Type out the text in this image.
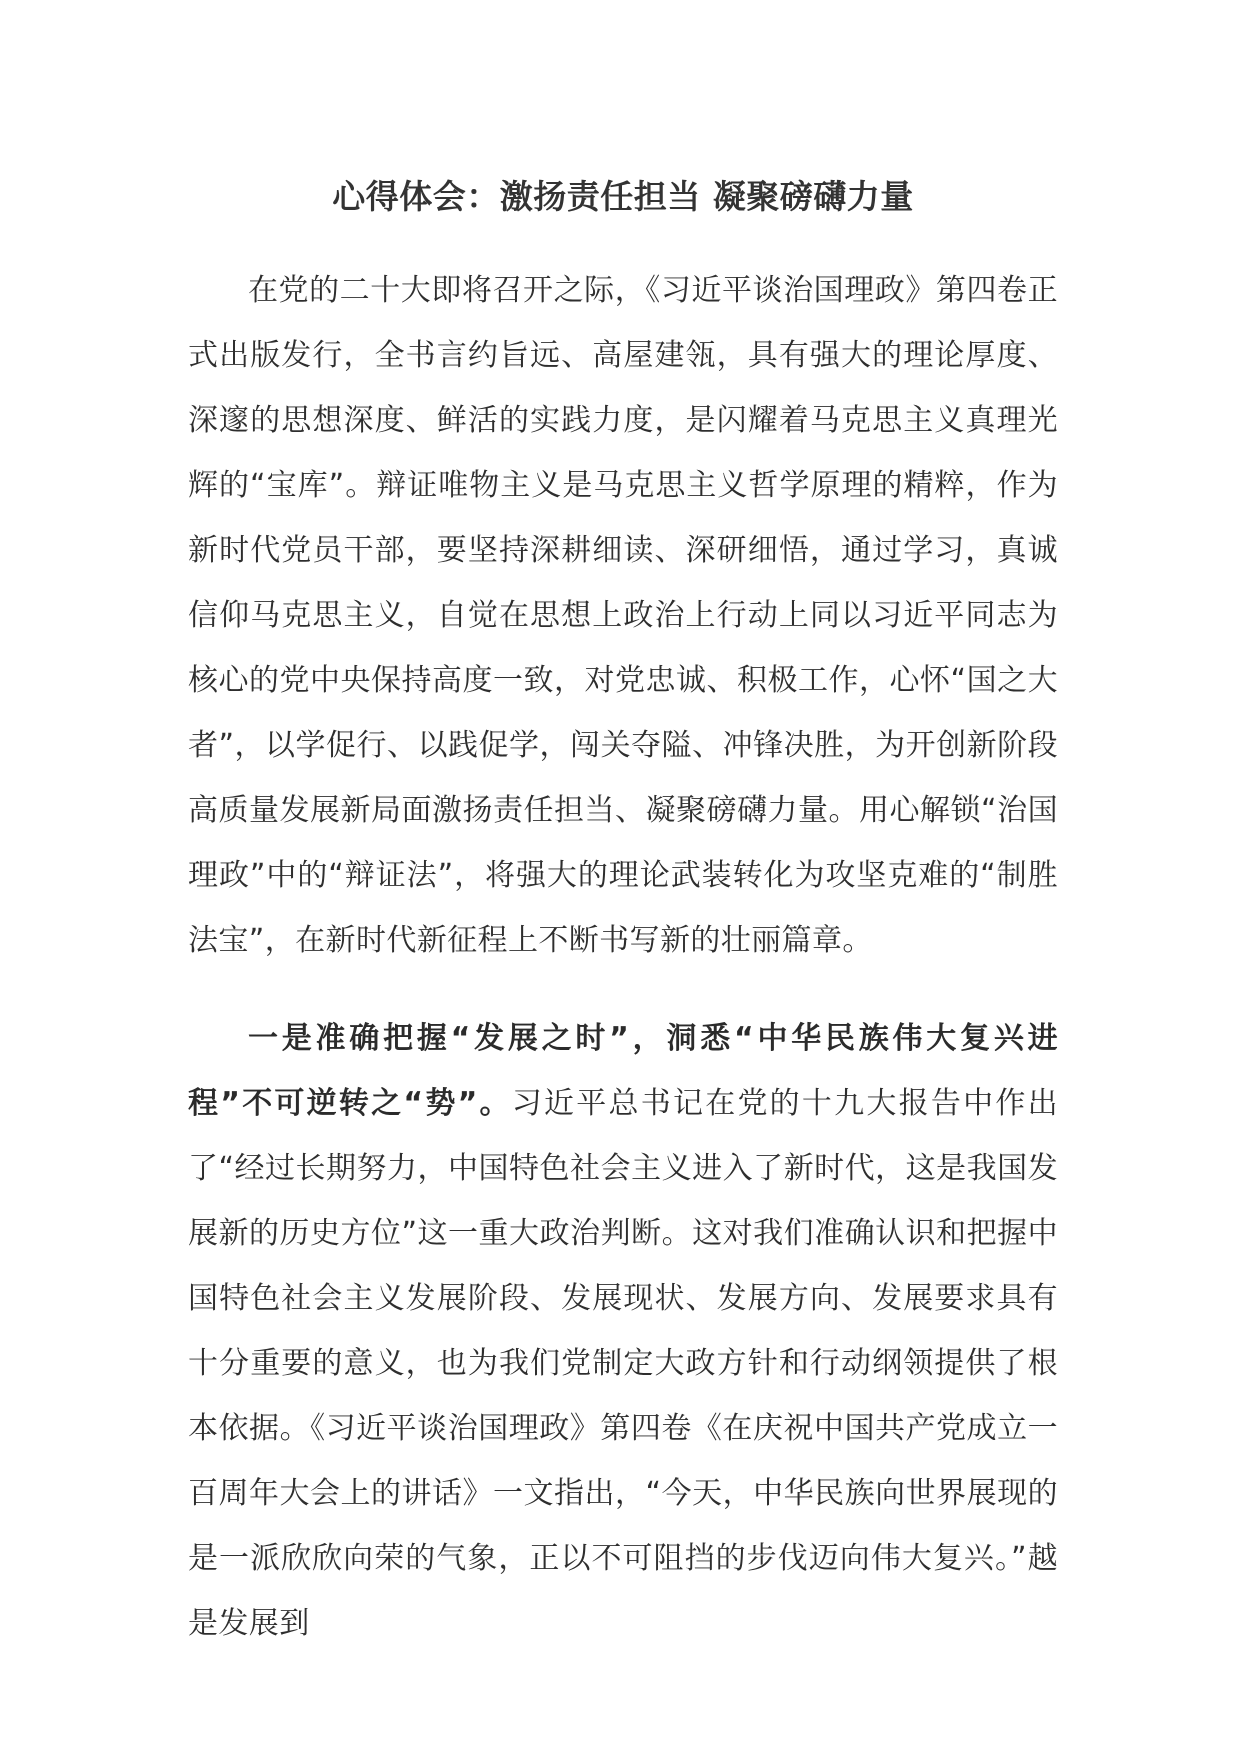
心得体会：激扬责任担当 凝聚磅礴力量

在党的二十大即将召开之际，《习近平谈治国理政》第四卷正式出版发行，全书言约旨远、高屋建瓴，具有强大的理论厚度、深邃的思想深度、鲜活的实践力度，是闪耀着马克思主义真理光辉的“宝库”。辩证唯物主义是马克思主义哲学原理的精粹，作为新时代党员干部，要坚持深耕细读、深研细悟，通过学习，真诚信仰马克思主义，自觉在思想上政治上行动上同以习近平同志为核心的党中央保持高度一致，对党忠诚、积极工作，心怀“国之大者”，以学促行、以践促学，闯关夺隘、冲锋决胜，为开创新阶段高质量发展新局面激扬责任担当、凝聚磅礴力量。用心解锁“治国理政”中的“辩证法”，将强大的理论武装转化为攻坚克难的“制胜法宝”，在新时代新征程上不断书写新的壮丽篇章。

一是准确把握“发展之时”，洞悉“中华民族伟大复兴进程”不可逆转之“势”。习近平总书记在党的十九大报告中作出了“经过长期努力，中国特色社会主义进入了新时代，这是我国发展新的历史方位”这一重大政治判断。这对我们准确认识和把握中国特色社会主义发展阶段、发展现状、发展方向、发展要求具有十分重要的意义，也为我们党制定大政方针和行动纲领提供了根本依据。《习近平谈治国理政》第四卷《在庆祝中国共产党成立一百周年大会上的讲话》一文指出，“今天，中华民族向世界展现的是一派欣欣向荣的气象，正以不可阻挡的步伐迈向伟大复兴。”越是发展到
